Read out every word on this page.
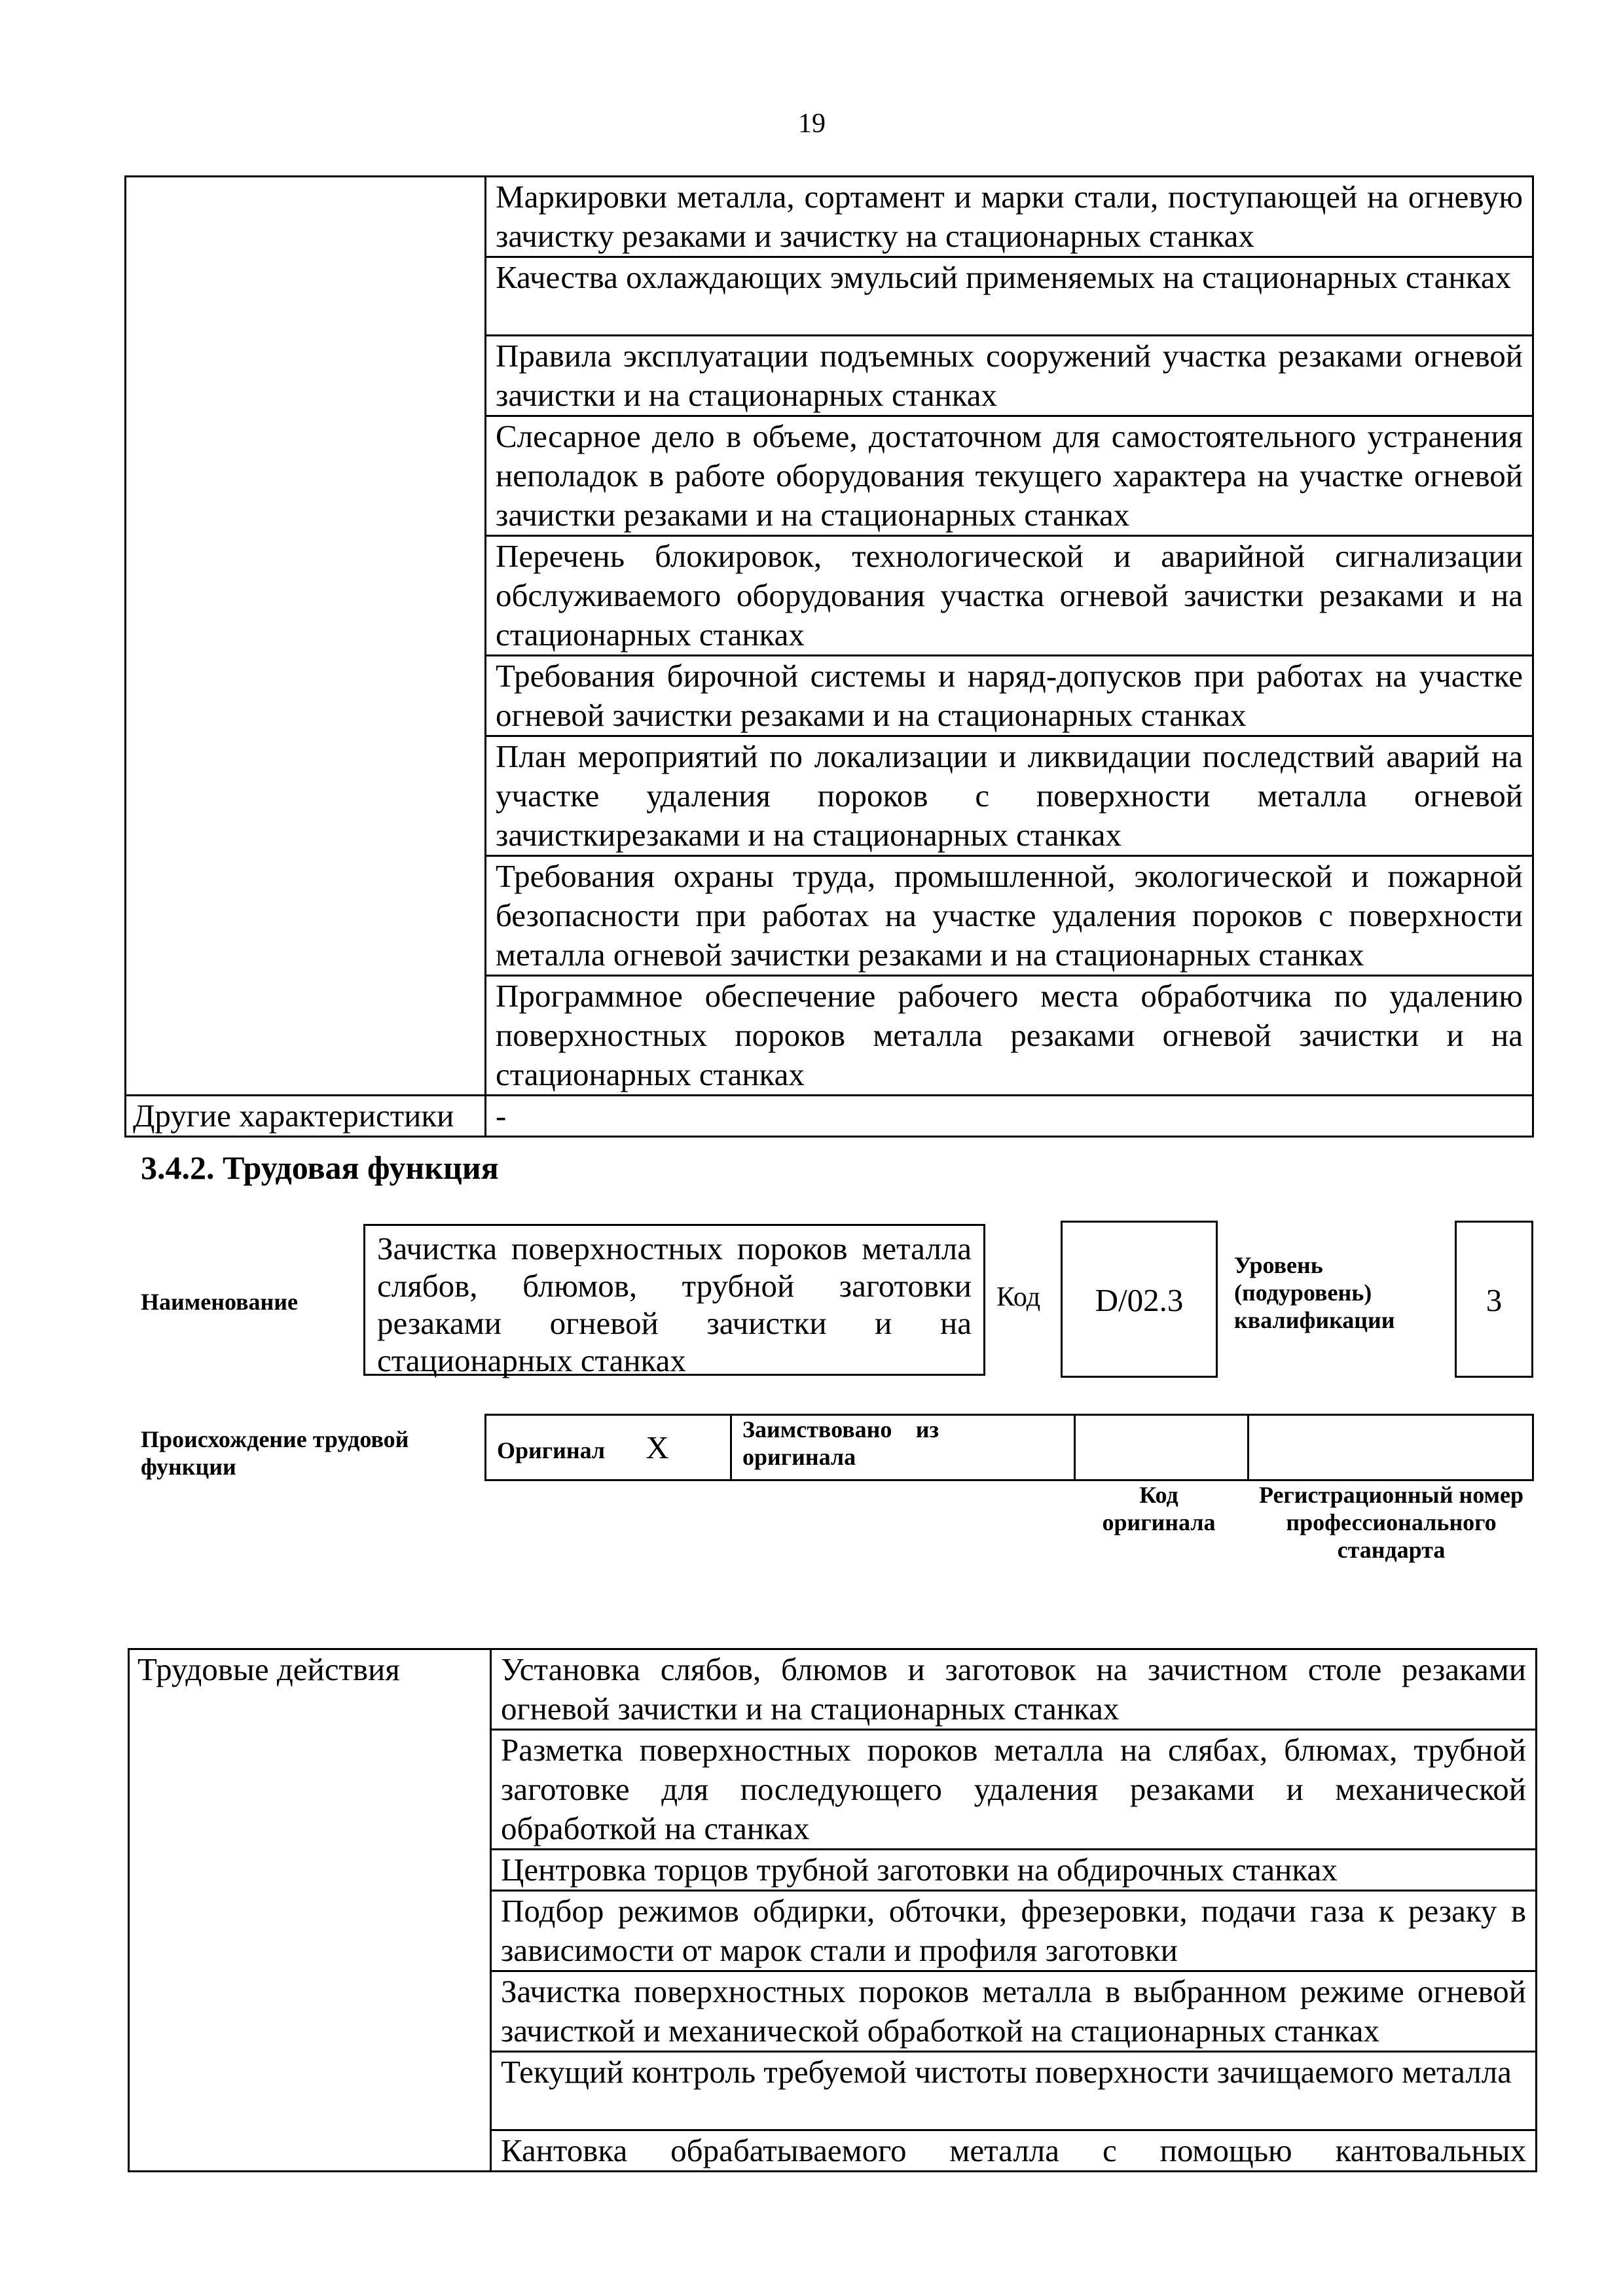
19
	Маркировки металла, сортамент и марки стали, поступающей на огневую зачистку резаками и зачистку на стационарных станках
	Качества охлаждающих эмульсий применяемых на стационарных станках
	Правила эксплуатации подъемных сооружений участка резаками огневой зачистки и на стационарных станках
	Слесарное дело в объеме, достаточном для самостоятельного устранения неполадок в работе оборудования текущего характера на участке огневой зачистки резаками и на стационарных станках
	Перечень блокировок, технологической и аварийной сигнализации обслуживаемого оборудования участка огневой зачистки резаками и на стационарных станках
	Требования бирочной системы и наряд-допусков при работах на участке огневой зачистки резаками и на стационарных станках
	План мероприятий по локализации и ликвидации последствий аварий на участке удаления пороков с поверхности металла огневой зачисткирезаками и на стационарных станках
	Требования охраны труда, промышленной, экологической и пожарной безопасности при работах на участке удаления пороков с поверхности металла огневой зачистки резаками и на стационарных станках
	Программное обеспечение рабочего места обработчика по удалению поверхностных пороков металла резаками огневой зачистки и на стационарных станках
Другие характеристики	-
3.4.2. Трудовая функция
Наименование
Зачистка поверхностных пороков металла слябов, блюмов, трубной заготовки резаками огневой зачистки и на стационарных станках
Код	D/02.3
Уровень (подуровень) квалификации
3
Происхождение трудовой функции
Оригинал X	Заимствовано из оригинала

Код оригинала
Регистрационный номер профессионального стандарта
Трудовые действия	Установка слябов, блюмов и заготовок на зачистном столе резаками огневой зачистки и на стационарных станках
Разметка поверхностных пороков металла на слябах, блюмах, трубной заготовке для последующего удаления резаками и механической обработкой на станках
Центровка торцов трубной заготовки на обдирочных станках
Подбор режимов обдирки, обточки, фрезеровки, подачи газа к резаку в зависимости от марок стали и профиля заготовки
Зачистка поверхностных пороков металла в выбранном режиме огневой зачисткой и механической обработкой на стационарных станках
Текущий контроль требуемой чистоты поверхности зачищаемого металла
Кантовка обрабатываемого металла с помощью кантовальных
